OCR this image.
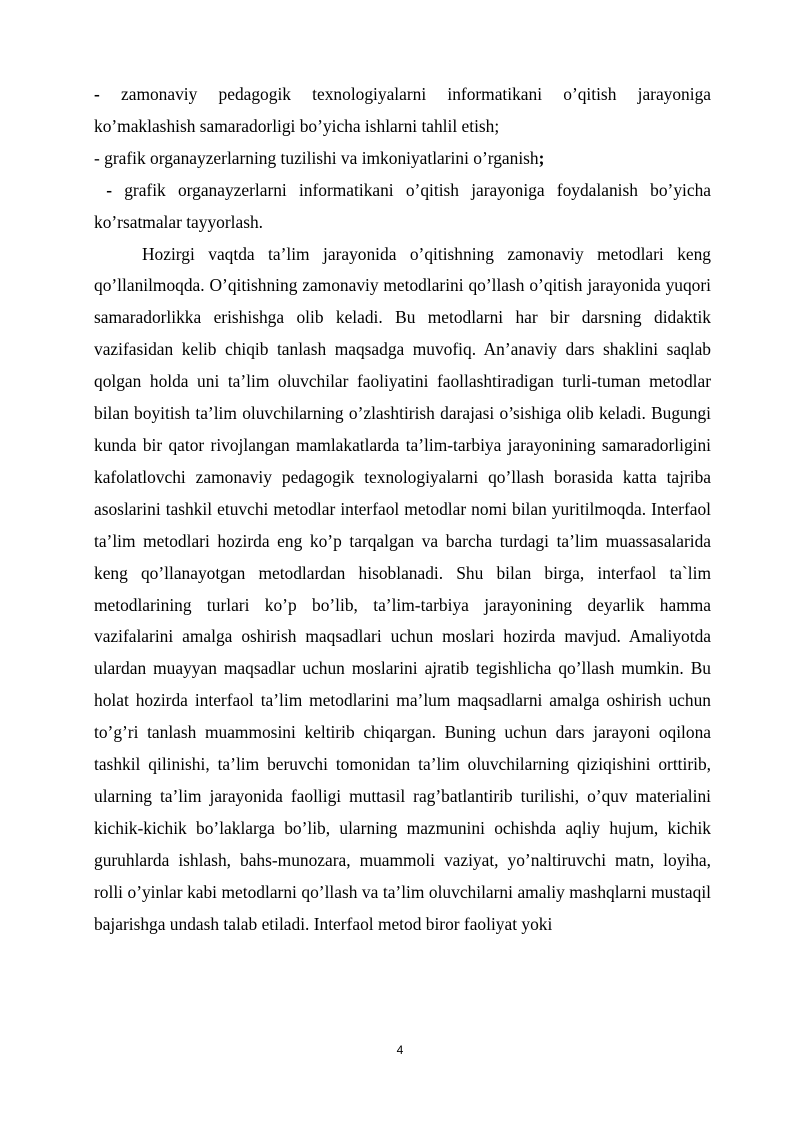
- zamonaviy pedagogik texnologiyalarni informatikani o’qitish jarayoniga ko’maklashish samaradorligi bo’yicha ishlarni tahlil etish;

- grafik organayzerlarning tuzilishi va imkoniyatlarini o’rganish;

- grafik organayzerlarni informatikani o’qitish jarayoniga foydalanish bo’yicha ko’rsatmalar tayyorlash.

Hozirgi vaqtda ta’lim jarayonida o’qitishning zamonaviy metodlari keng qo’llanilmoqda. O’qitishning zamonaviy metodlarini qo’llash o’qitish jarayonida yuqori samaradorlikka erishishga olib keladi. Bu metodlarni har bir darsning didaktik vazifasidan kelib chiqib tanlash maqsadga muvofiq. An’anaviy dars shaklini saqlab qolgan holda uni ta’lim oluvchilar faoliyatini faollashtiradigan turli-tuman metodlar bilan boyitish ta’lim oluvchilarning o’zlashtirish darajasi o’sishiga olib keladi. Bugungi kunda bir qator rivojlangan mamlakatlarda ta’lim-tarbiya jarayonining samaradorligini kafolatlovchi zamonaviy pedagogik texnologiyalarni qo’llash borasida katta tajriba asoslarini tashkil etuvchi metodlar interfaol metodlar nomi bilan yuritilmoqda. Interfaol ta’lim metodlari hozirda eng ko’p tarqalgan va barcha turdagi ta’lim muassasalarida keng qo’llanayotgan metodlardan hisoblanadi. Shu bilan birga, interfaol ta`lim metodlarining turlari ko’p bo’lib, ta’lim-tarbiya jarayonining deyarlik hamma vazifalarini amalga oshirish maqsadlari uchun moslari hozirda mavjud. Amaliyotda ulardan muayyan maqsadlar uchun moslarini ajratib tegishlicha qo’llash mumkin. Bu holat hozirda interfaol ta’lim metodlarini ma’lum maqsadlarni amalga oshirish uchun to’g’ri tanlash muammosini keltirib chiqargan. Buning uchun dars jarayoni oqilona tashkil qilinishi, ta’lim beruvchi tomonidan ta’lim oluvchilarning qiziqishini orttirib, ularning ta’lim jarayonida faolligi muttasil rag’batlantirib turilishi, o’quv materialini kichik-kichik bo’laklarga bo’lib, ularning mazmunini ochishda aqliy hujum, kichik guruhlarda ishlash, bahs-munozara, muammoli vaziyat, yo’naltiruvchi matn, loyiha, rolli o’yinlar kabi metodlarni qo’llash va ta’lim oluvchilarni amaliy mashqlarni mustaqil bajarishga undash talab etiladi. Interfaol metod biror faoliyat yoki

4
